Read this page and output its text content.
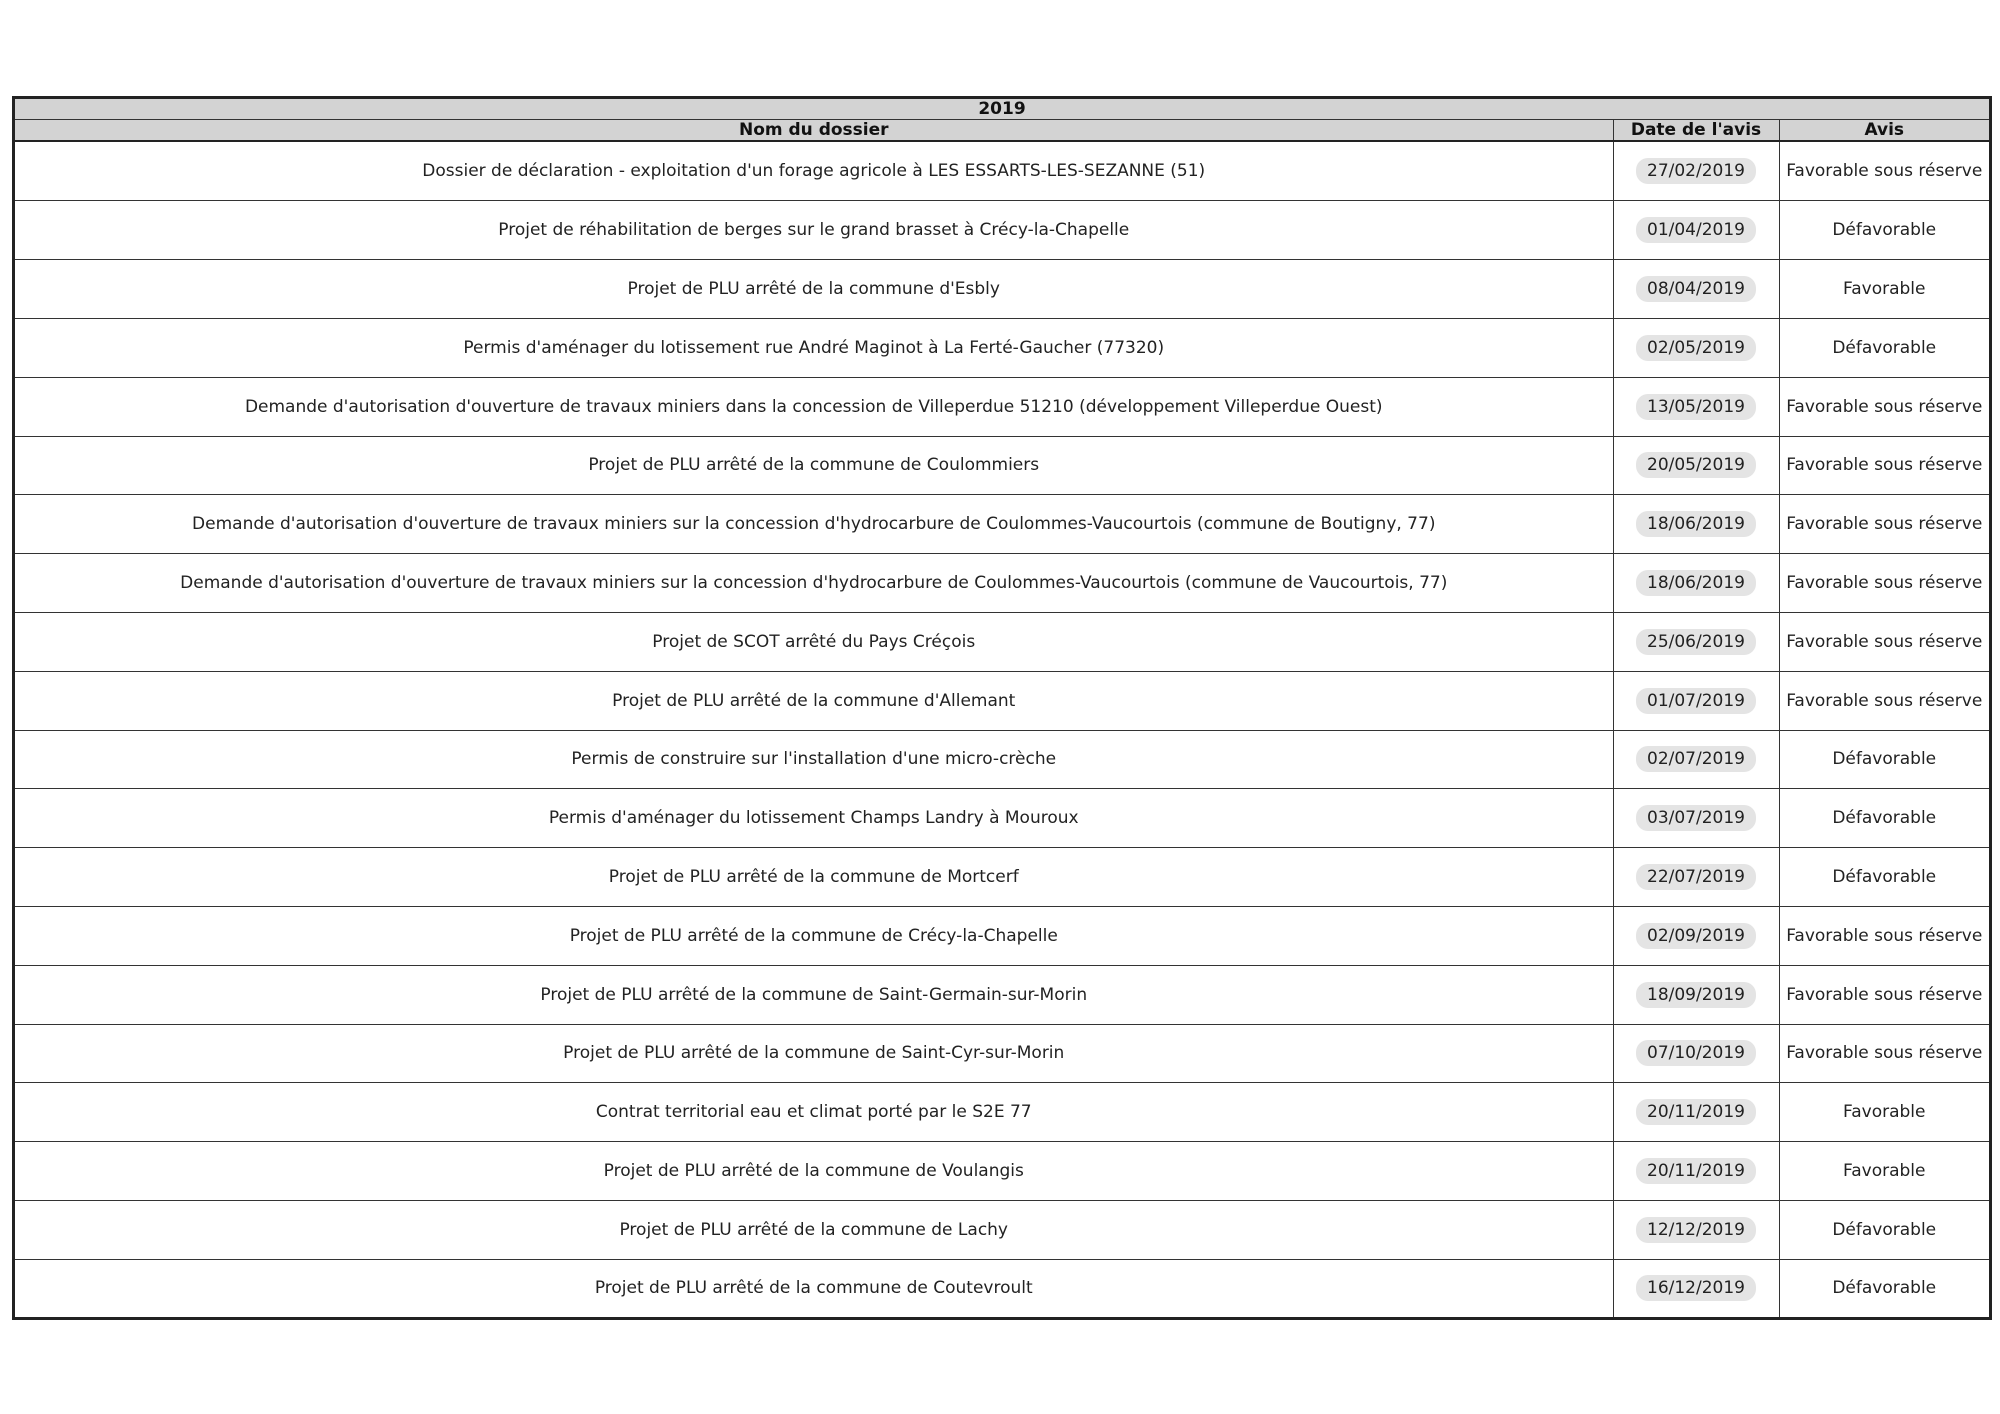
2019		
Nom du dossier	Date de l'avis	Avis
Dossier de déclaration - exploitation d'un forage agricole à LES ESSARTS-LES-SEZANNE (51)	27/02/2019	Favorable sous réserve
Projet de réhabilitation de berges sur le grand brasset à Crécy-la-Chapelle	01/04/2019	Défavorable
Projet de PLU arrêté de la commune d'Esbly	08/04/2019	Favorable
Permis d'aménager du lotissement rue André Maginot à La Ferté-Gaucher (77320)	02/05/2019	Défavorable
Demande d'autorisation d'ouverture de travaux miniers dans la concession de Villeperdue 51210 (développement Villeperdue Ouest)	13/05/2019	Favorable sous réserve
Projet de PLU arrêté de la commune de Coulommiers	20/05/2019	Favorable sous réserve
Demande d'autorisation d'ouverture de travaux miniers sur la concession d'hydrocarbure de Coulommes-Vaucourtois (commune de Boutigny, 77)	18/06/2019	Favorable sous réserve
Demande d'autorisation d'ouverture de travaux miniers sur la concession d'hydrocarbure de Coulommes-Vaucourtois (commune de Vaucourtois, 77)	18/06/2019	Favorable sous réserve
Projet de SCOT arrêté du Pays Créçois	25/06/2019	Favorable sous réserve
Projet de PLU arrêté de la commune d'Allemant	01/07/2019	Favorable sous réserve
Permis de construire sur l'installation d'une micro-crèche	02/07/2019	Défavorable
Permis d'aménager du lotissement Champs Landry à Mouroux	03/07/2019	Défavorable
Projet de PLU arrêté de la commune de Mortcerf	22/07/2019	Défavorable
Projet de PLU arrêté de la commune de Crécy-la-Chapelle	02/09/2019	Favorable sous réserve
Projet de PLU arrêté de la commune de Saint-Germain-sur-Morin	18/09/2019	Favorable sous réserve
Projet de PLU arrêté de la commune de Saint-Cyr-sur-Morin	07/10/2019	Favorable sous réserve
Contrat territorial eau et climat porté par le S2E 77	20/11/2019	Favorable
Projet de PLU arrêté de la commune de Voulangis	20/11/2019	Favorable
Projet de PLU arrêté de la commune de Lachy	12/12/2019	Défavorable
Projet de PLU arrêté de la commune de Coutevroult	16/12/2019	Défavorable
